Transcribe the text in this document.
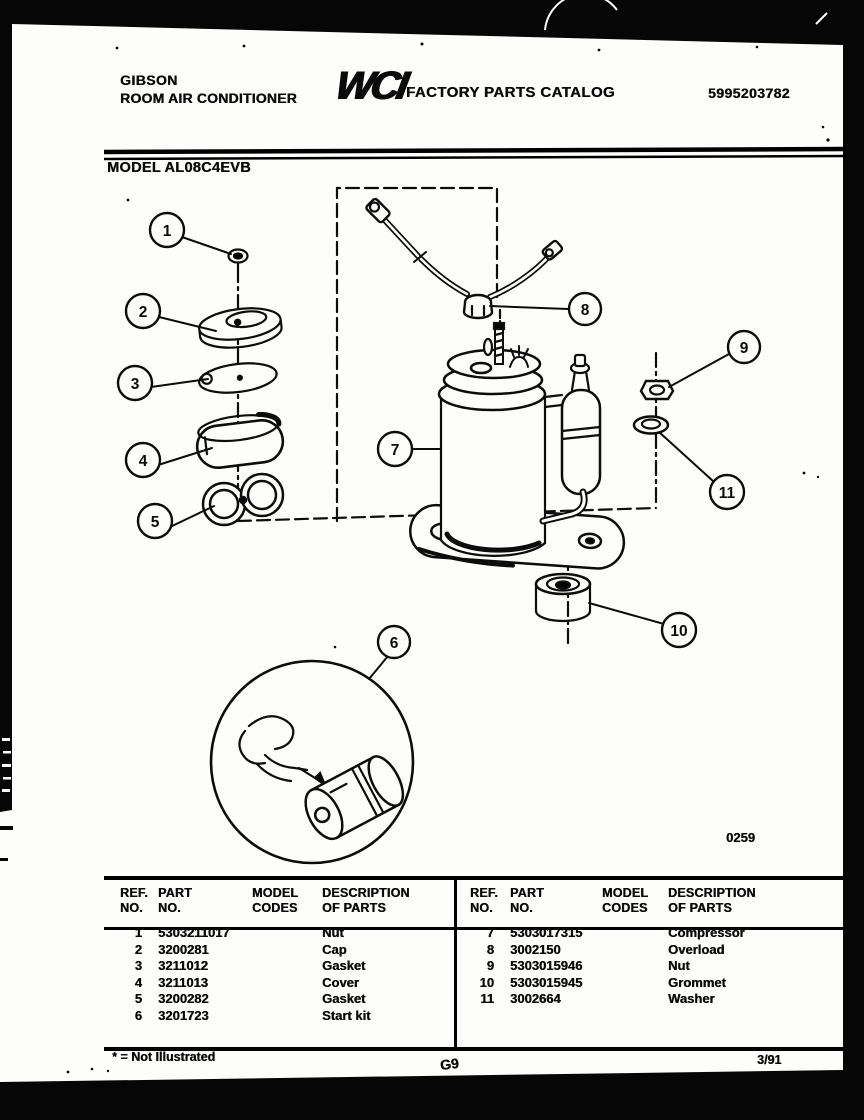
1
2
3
4
5
6
7
8
9
10
11
GIBSON
ROOM AIR CONDITIONER WCI
FACTORY PARTS CATALOG	5995203782
MODEL AL08C4EVB
0259
REF.
NO.
PART
NO.
MODEL
CODES
DESCRIPTION
OF PARTS
1	5303211017	Nut
2	3200281	Cap
3	3211012	Gasket
4	3211013	Cover
5	3200282	Gasket
6	3201723	Start kit
REF.
NO.
PART
NO.
MODEL
CODES
DESCRIPTION
OF PARTS
7	5303017315	Compressor
8	3002150	Overload
9	5303015946	Nut
10	5303015945	Grommet
11	3002664	Washer
* = Not Illustrated	G9	3/91
